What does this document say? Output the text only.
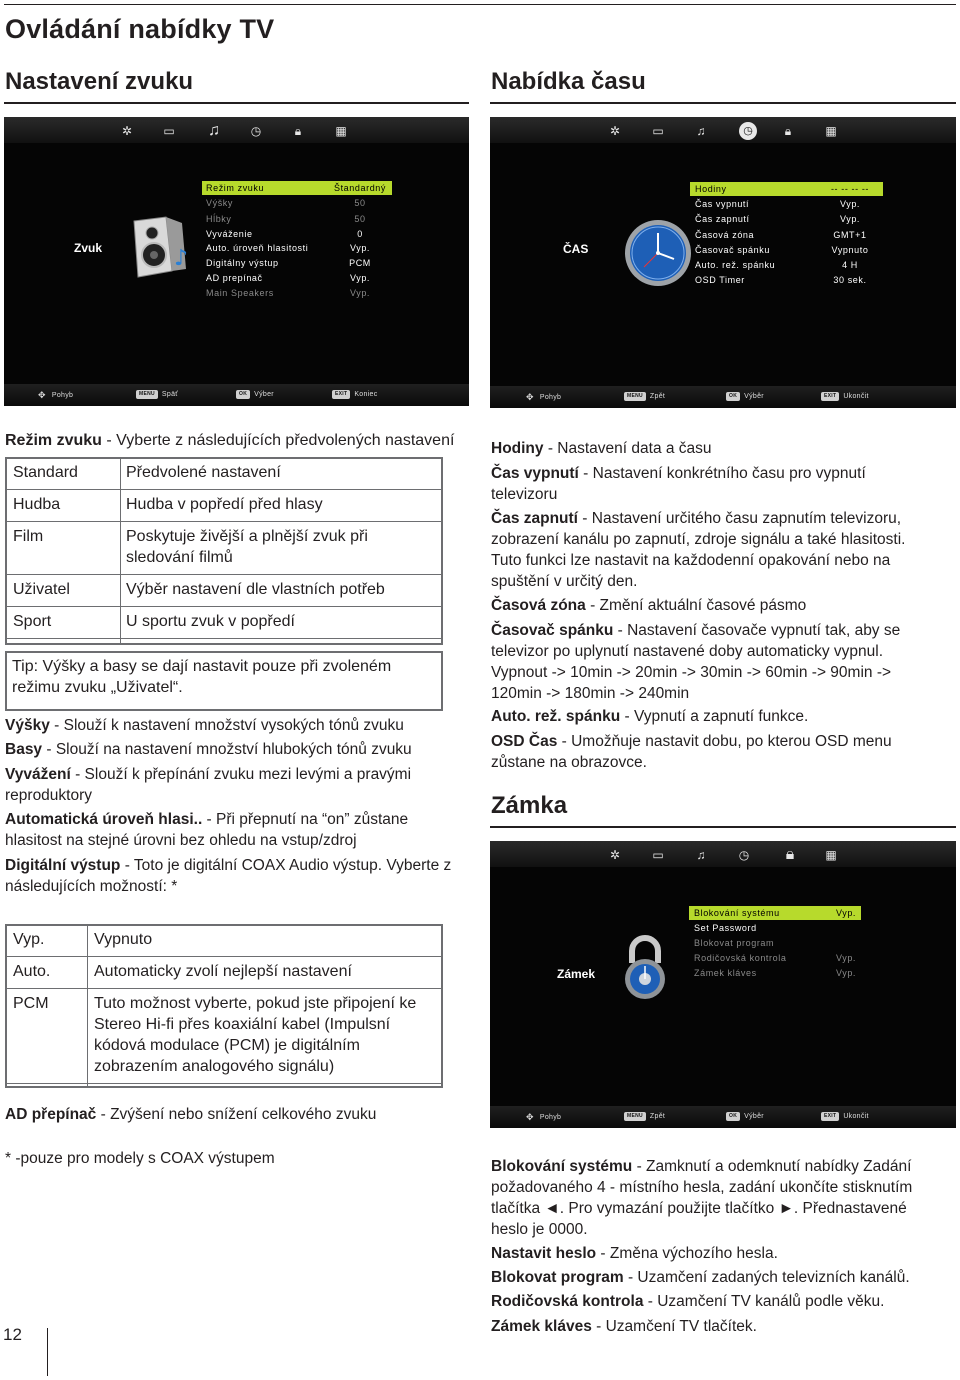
Ovládání nabídky TV
Nastavení zvuku	Nabídka času
✲	▭ ♫	◷	🔒︎	▦
Zvuk	♪
Režim zvuku	Štandardný
Výšky	50
Hĺbky	50
Vyváženie	0
Auto. úroveň hlasitosti	Vyp.
Digitálny výstup	PCM
AD prepínač	Vyp.
Main Speakers	Vyp.
✥ Pohyb	MENU Späť	OK Výber	EXIT Koniec
✲	▭	♫	◷	🔒︎	▦
ČAS
Hodiny	-- -- -- --
Čas vypnutí	Vyp.
Čas zapnutí	Vyp.
Časová zóna	GMT+1
Časovač spánku	Vypnuto
Auto. rež. spánku	4 H
OSD Timer	30 sek.
✥ Pohyb	MENU Zpět	OK Výběr	EXIT Ukončit
Režim zvuku - Vyberte z následujících předvolených nastavení
Standard	Předvolené nastavení
Hudba	Hudba v popředí před hlasy
Film	Poskytuje živější a plnější zvuk při sledování filmů
Uživatel	Výběr nastavení dle vlastních potřeb
Sport	U sportu zvuk v popředí
Tip: Výšky a basy se dají nastavit pouze při zvoleném režimu zvuku „Uživatel“.
Výšky - Slouží k nastavení množství vysokých tónů zvuku
Basy - Slouží na nastavení množství hlubokých tónů zvuku
Vyvážení - Slouží k přepínání zvuku mezi levými a pravými reproduktory
Automatická úroveň hlasi.. - Při přepnutí na “on” zůstane hlasitost na stejné úrovni bez ohledu na vstup/zdroj
Digitální výstup - Toto je digitální COAX Audio výstup. Vyberte z následujících možností: *
Vyp.	Vypnuto
Auto.	Automaticky zvolí nejlepší nastavení
PCM	Tuto možnost vyberte, pokud jste připojení ke Stereo Hi-fi přes koaxiální kabel (Impulsní kódová modulace (PCM) je digitálním zobrazením analogového signálu)
AD přepínač - Zvýšení nebo snížení celkového zvuku
* -pouze pro modely s COAX výstupem
Hodiny - Nastavení data a času
Čas vypnutí - Nastavení konkrétního času pro vypnutí televizoru
Čas zapnutí - Nastavení určitého času zapnutím televizoru, zobrazení kanálu po zapnutí, zdroje signálu a také hlasitosti. Tuto funkci lze nastavit na každodenní opakování nebo na spuštění v určitý den.
Časová zóna - Změní aktuální časové pásmo
Časovač spánku - Nastavení časovače vypnutí tak, aby se televizor po uplynutí nastavené doby automaticky vypnul. Vypnout -> 10min -> 20min -> 30min -> 60min -> 90min -> 120min -> 180min -> 240min
Auto. rež. spánku - Vypnutí a zapnutí funkce.
OSD Čas - Umožňuje nastavit dobu, po kterou OSD menu zůstane na obrazovce.
Zámka
✲	▭	♫	◷ 🔒︎	▦
Zámek
Blokování systému	Vyp.
Set Password
Blokovat program
Rodičovská kontrola	Vyp.
Zámek kláves	Vyp.
✥ Pohyb	MENU Zpět	OK Výběr	EXIT Ukončit
Blokování systému - Zamknutí a odemknutí nabídky Zadání požadovaného 4 - místního hesla, zadání ukončíte stisknutím tlačítka ◄. Pro vymazání použijte tlačítko ►. Přednastavené heslo je 0000.
Nastavit heslo - Změna výchozího hesla.
Blokovat program - Uzamčení zadaných televizních kanálů.
Rodičovská kontrola - Uzamčení TV kanálů podle věku.
Zámek kláves - Uzamčení TV tlačítek.
12
